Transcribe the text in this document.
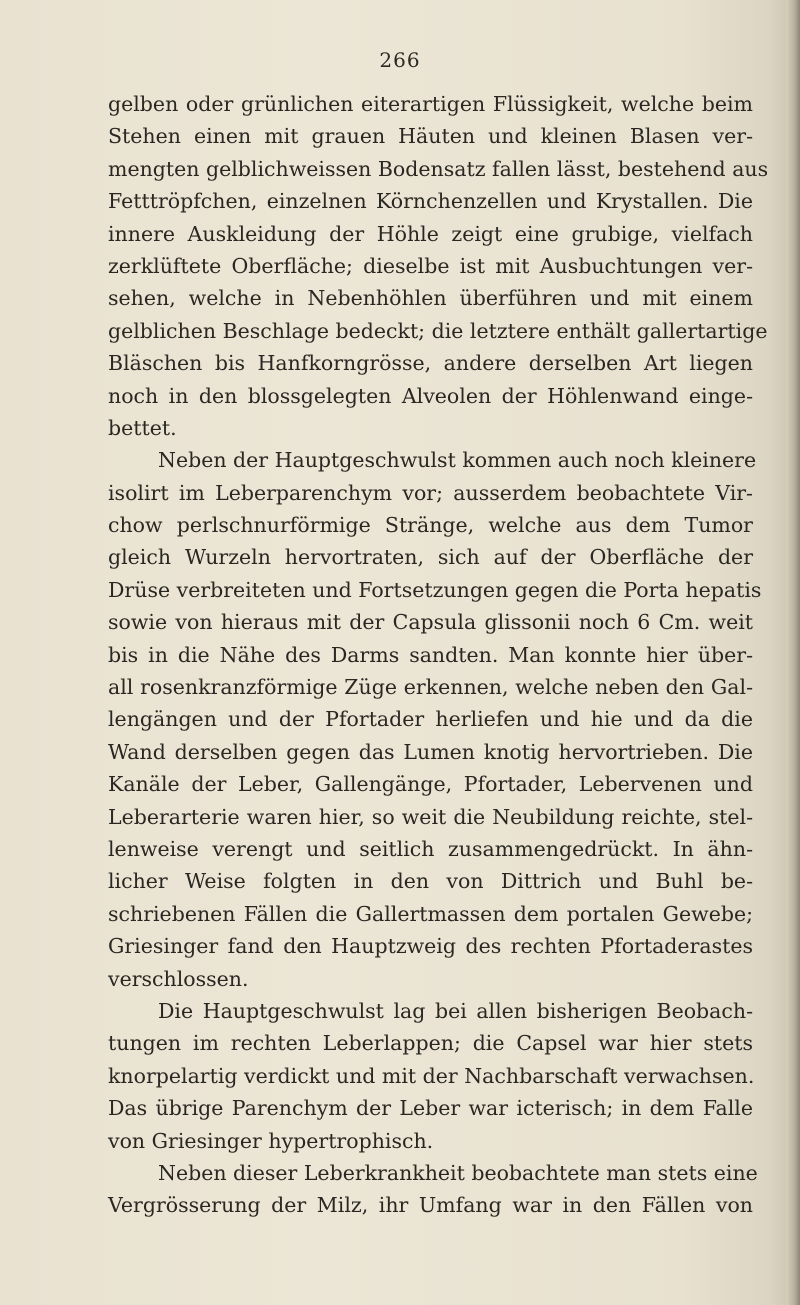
266
gelben oder grünlichen eiterartigen Flüssigkeit, welche beim
Stehen einen mit grauen Häuten und kleinen Blasen ver-
mengten gelblichweissen Bodensatz fallen lässt, bestehend aus
Fetttröpfchen, einzelnen Körnchenzellen und Krystallen. Die
innere Auskleidung der Höhle zeigt eine grubige, vielfach
zerklüftete Oberfläche; dieselbe ist mit Ausbuchtungen ver-
sehen, welche in Nebenhöhlen überführen und mit einem
gelblichen Beschlage bedeckt; die letztere enthält gallertartige
Bläschen bis Hanfkorngrösse, andere derselben Art liegen
noch in den blossgelegten Alveolen der Höhlenwand einge-
bettet.
Neben der Hauptgeschwulst kommen auch noch kleinere
isolirt im Leberparenchym vor; ausserdem beobachtete Vir-
chow perlschnurförmige Stränge, welche aus dem Tumor
gleich Wurzeln hervortraten, sich auf der Oberfläche der
Drüse verbreiteten und Fortsetzungen gegen die Porta hepatis
sowie von hieraus mit der Capsula glissonii noch 6 Cm. weit
bis in die Nähe des Darms sandten. Man konnte hier über-
all rosenkranzförmige Züge erkennen, welche neben den Gal-
lengängen und der Pfortader herliefen und hie und da die
Wand derselben gegen das Lumen knotig hervortrieben. Die
Kanäle der Leber, Gallengänge, Pfortader, Lebervenen und
Leberarterie waren hier, so weit die Neubildung reichte, stel-
lenweise verengt und seitlich zusammengedrückt. In ähn-
licher Weise folgten in den von Dittrich und Buhl be-
schriebenen Fällen die Gallertmassen dem portalen Gewebe;
Griesinger fand den Hauptzweig des rechten Pfortaderastes
verschlossen.
Die Hauptgeschwulst lag bei allen bisherigen Beobach-
tungen im rechten Leberlappen; die Capsel war hier stets
knorpelartig verdickt und mit der Nachbarschaft verwachsen.
Das übrige Parenchym der Leber war icterisch; in dem Falle
von Griesinger hypertrophisch.
Neben dieser Leberkrankheit beobachtete man stets eine
Vergrösserung der Milz, ihr Umfang war in den Fällen von
